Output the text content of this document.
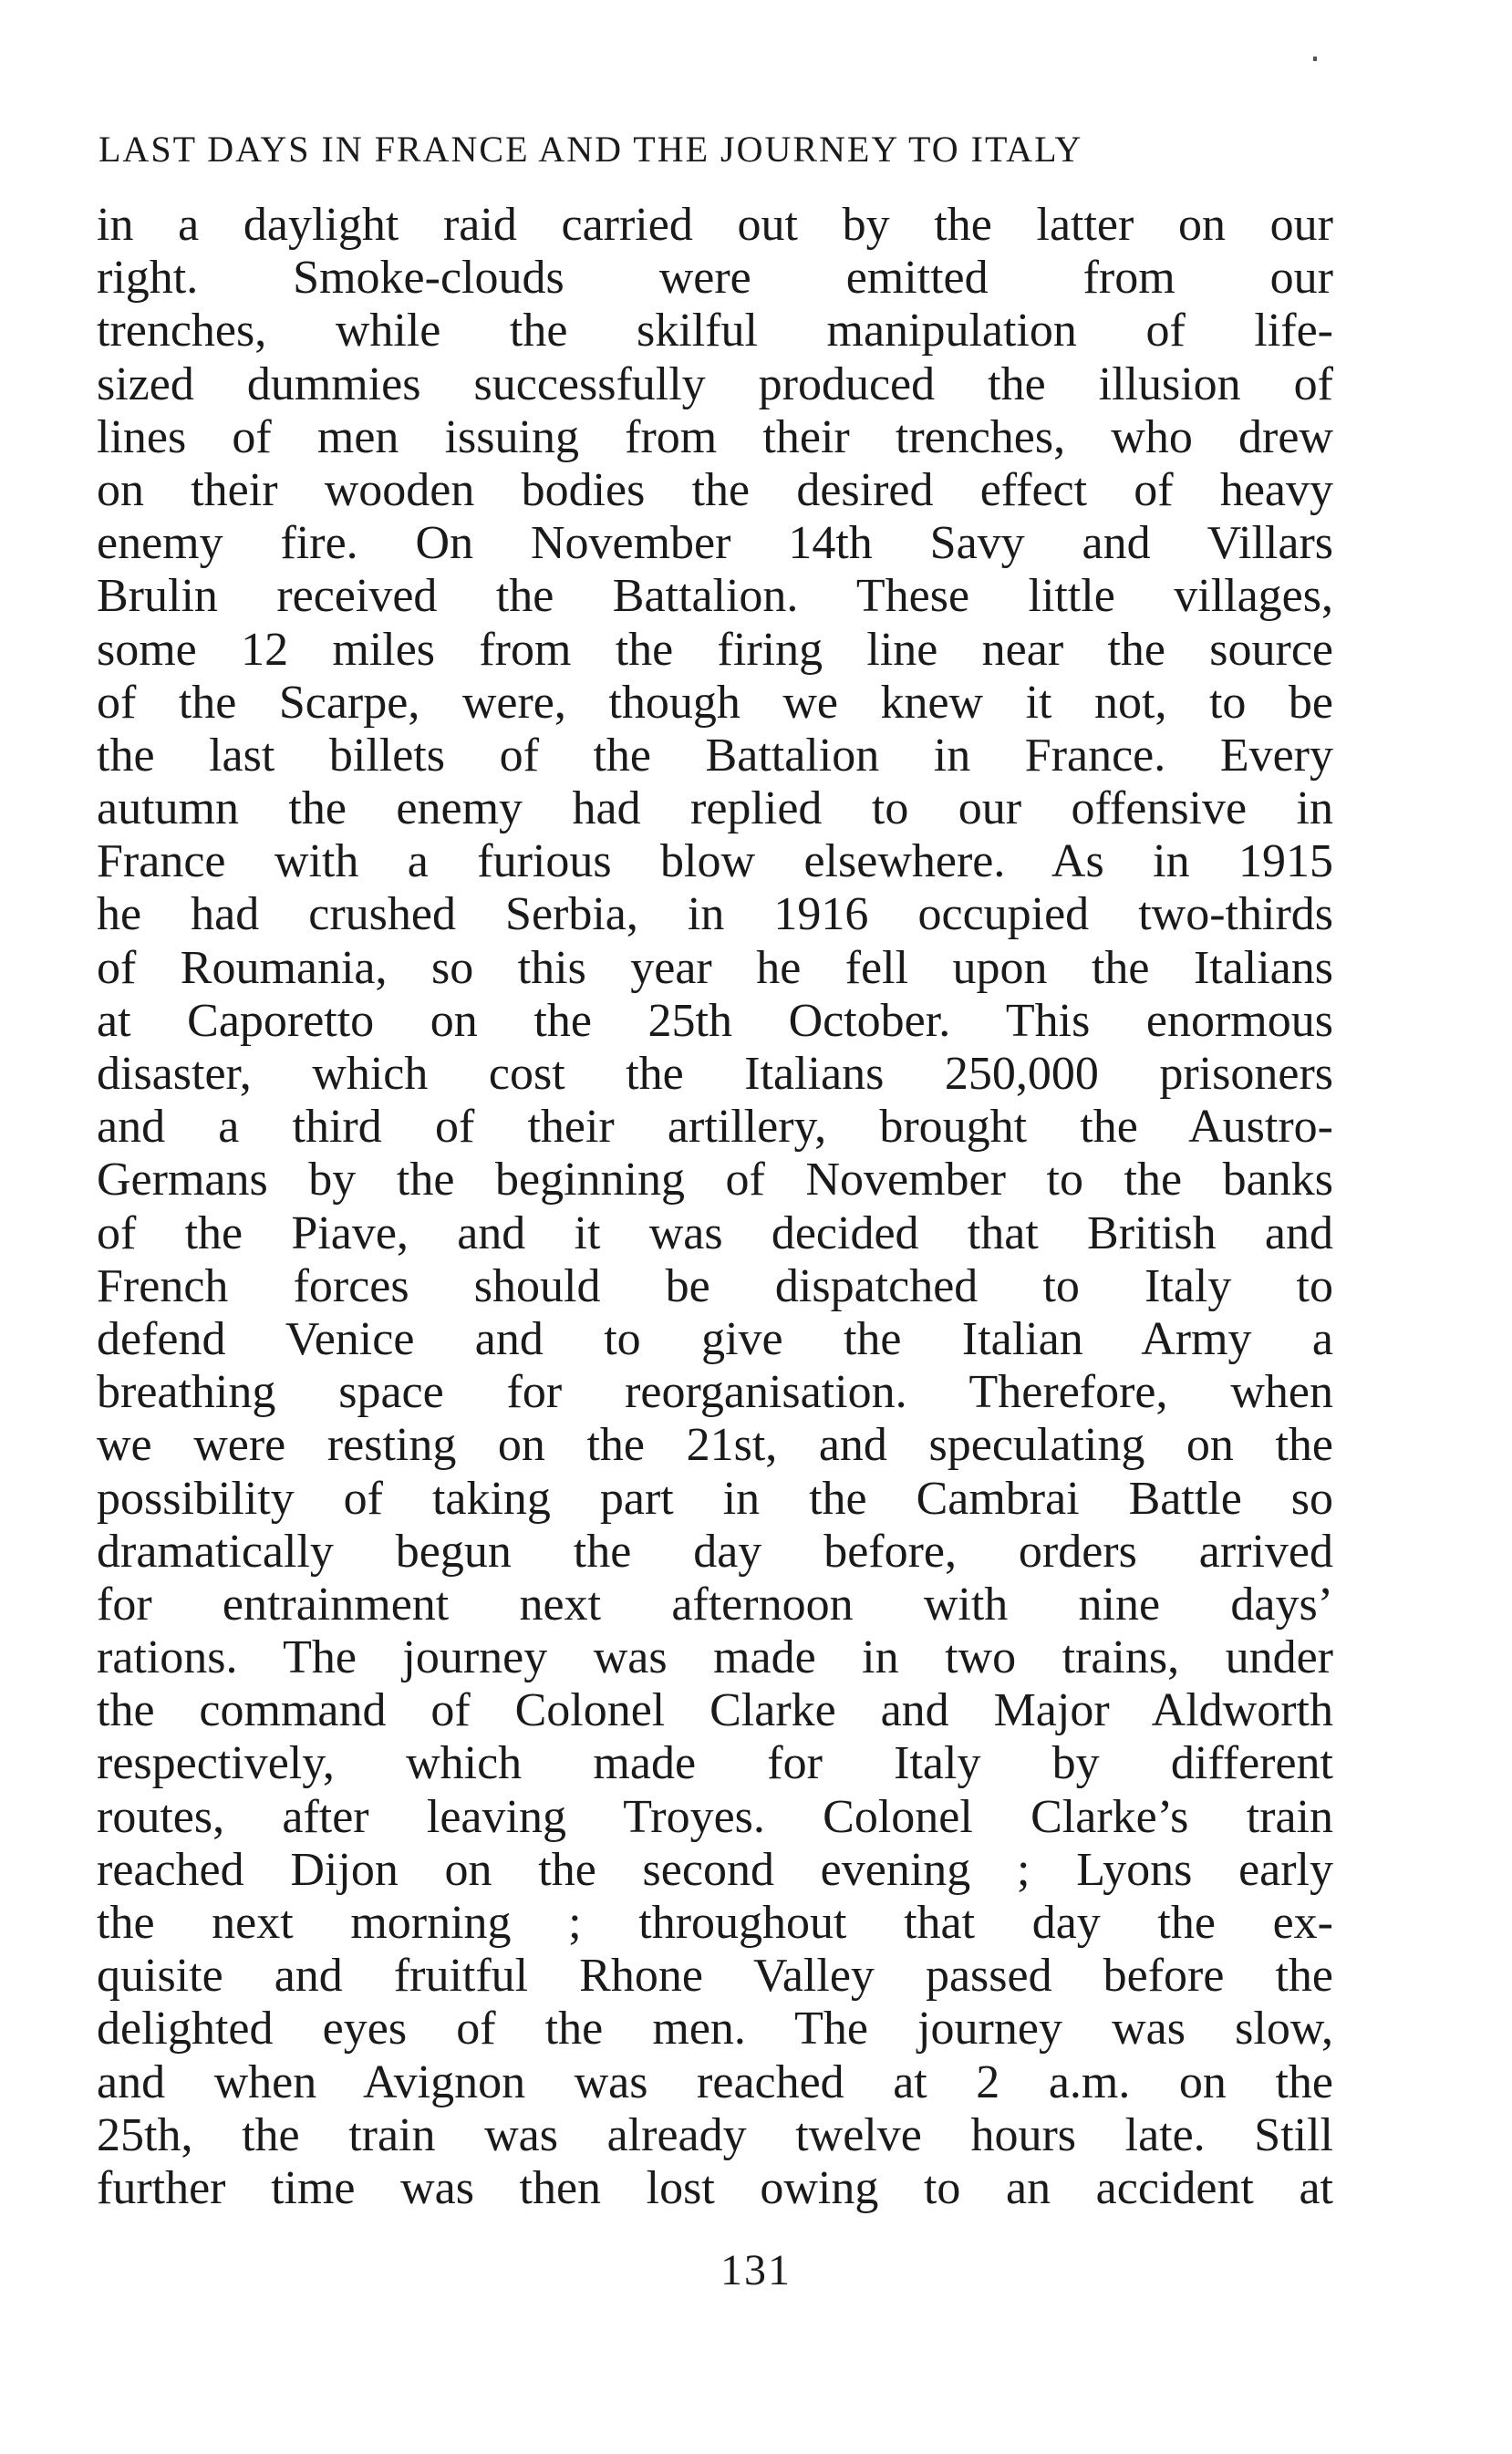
LAST DAYS IN FRANCE AND THE JOURNEY TO ITALY
in a daylight raid carried out by the latter on our
right. Smoke-clouds were emitted from our
trenches, while the skilful manipulation of life-
sized dummies successfully produced the illusion of
lines of men issuing from their trenches, who drew
on their wooden bodies the desired effect of heavy
enemy fire. On November 14th Savy and Villars
Brulin received the Battalion. These little villages,
some 12 miles from the firing line near the source
of the Scarpe, were, though we knew it not, to be
the last billets of the Battalion in France. Every
autumn the enemy had replied to our offensive in
France with a furious blow elsewhere. As in 1915
he had crushed Serbia, in 1916 occupied two-thirds
of Roumania, so this year he fell upon the Italians
at Caporetto on the 25th October. This enormous
disaster, which cost the Italians 250,000 prisoners
and a third of their artillery, brought the Austro-
Germans by the beginning of November to the banks
of the Piave, and it was decided that British and
French forces should be dispatched to Italy to
defend Venice and to give the Italian Army a
breathing space for reorganisation. Therefore, when
we were resting on the 21st, and speculating on the
possibility of taking part in the Cambrai Battle so
dramatically begun the day before, orders arrived
for entrainment next afternoon with nine days’
rations. The journey was made in two trains, under
the command of Colonel Clarke and Major Aldworth
respectively, which made for Italy by different
routes, after leaving Troyes. Colonel Clarke’s train
reached Dijon on the second evening ; Lyons early
the next morning ; throughout that day the ex-
quisite and fruitful Rhone Valley passed before the
delighted eyes of the men. The journey was slow,
and when Avignon was reached at 2 a.m. on the
25th, the train was already twelve hours late. Still
further time was then lost owing to an accident at
131
